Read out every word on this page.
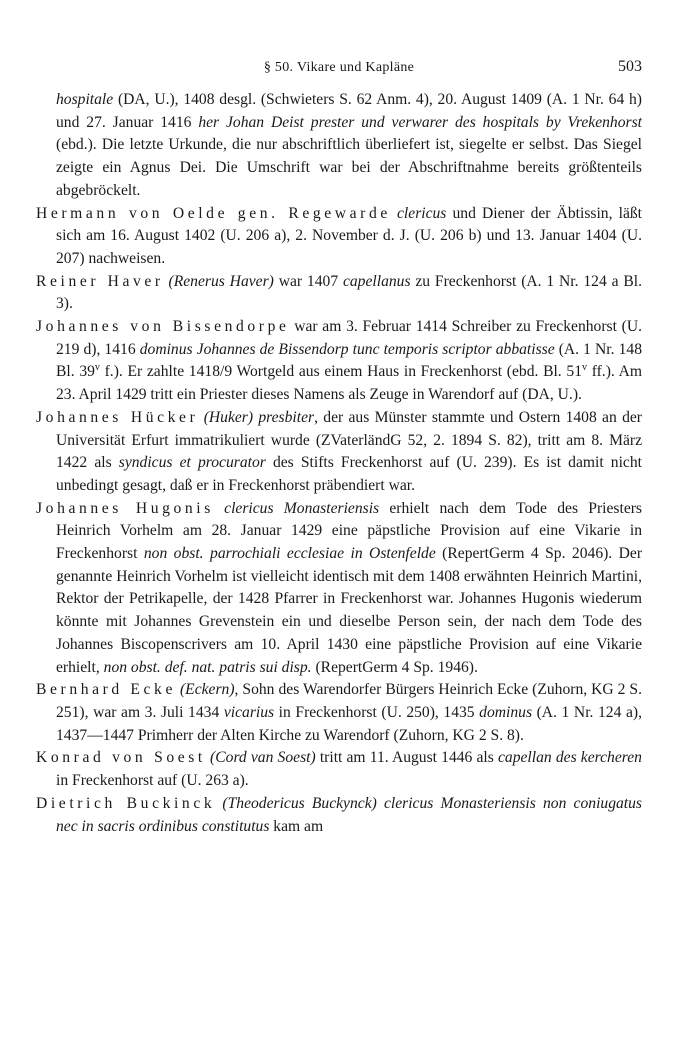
§ 50. Vikare und Kapläne	503

hospitale (DA, U.), 1408 desgl. (Schwieters S. 62 Anm. 4), 20. August 1409 (A. 1 Nr. 64 h) und 27. Januar 1416 her Johan Deist prester und verwarer des hospitals by Vrekenhorst (ebd.). Die letzte Urkunde, die nur abschriftlich überliefert ist, siegelte er selbst. Das Siegel zeigte ein Agnus Dei. Die Umschrift war bei der Abschriftnahme bereits größtenteils abgebröckelt.

Hermann von Oelde gen. Regewarde clericus und Diener der Äbtissin, läßt sich am 16. August 1402 (U. 206 a), 2. November d. J. (U. 206 b) und 13. Januar 1404 (U. 207) nachweisen.

Reiner Haver (Renerus Haver) war 1407 capellanus zu Freckenhorst (A. 1 Nr. 124 a Bl. 3).

Johannes von Bissendorpe war am 3. Februar 1414 Schreiber zu Freckenhorst (U. 219 d), 1416 dominus Johannes de Bissendorp tunc temporis scriptor abbatisse (A. 1 Nr. 148 Bl. 39$^v$ f.). Er zahlte 1418/9 Wortgeld aus einem Haus in Freckenhorst (ebd. Bl. 51$^v$ ff.). Am 23. April 1429 tritt ein Priester dieses Namens als Zeuge in Warendorf auf (DA, U.).

Johannes Hücker (Huker) presbiter, der aus Münster stammte und Ostern 1408 an der Universität Erfurt immatrikuliert wurde (ZVaterländG 52, 2. 1894 S. 82), tritt am 8. März 1422 als syndicus et procurator des Stifts Freckenhorst auf (U. 239). Es ist damit nicht unbedingt gesagt, daß er in Freckenhorst präbendiert war.

Johannes Hugonis clericus Monasteriensis erhielt nach dem Tode des Priesters Heinrich Vorhelm am 28. Januar 1429 eine päpstliche Provision auf eine Vikarie in Freckenhorst non obst. parrochiali ecclesiae in Ostenfelde (RepertGerm 4 Sp. 2046). Der genannte Heinrich Vorhelm ist vielleicht identisch mit dem 1408 erwähnten Heinrich Martini, Rektor der Petrikapelle, der 1428 Pfarrer in Freckenhorst war. Johannes Hugonis wiederum könnte mit Johannes Grevenstein ein und dieselbe Person sein, der nach dem Tode des Johannes Biscopenscrivers am 10. April 1430 eine päpstliche Provision auf eine Vikarie erhielt, non obst. def. nat. patris sui disp. (RepertGerm 4 Sp. 1946).

Bernhard Ecke (Eckern), Sohn des Warendorfer Bürgers Heinrich Ecke (Zuhorn, KG 2 S. 251), war am 3. Juli 1434 vicarius in Freckenhorst (U. 250), 1435 dominus (A. 1 Nr. 124 a), 1437—1447 Primherr der Alten Kirche zu Warendorf (Zuhorn, KG 2 S. 8).

Konrad von Soest (Cord van Soest) tritt am 11. August 1446 als capellan des kercheren in Freckenhorst auf (U. 263 a).

Dietrich Buckinck (Theodericus Buckynck) clericus Monasteriensis non coniugatus nec in sacris ordinibus constitutus kam am
